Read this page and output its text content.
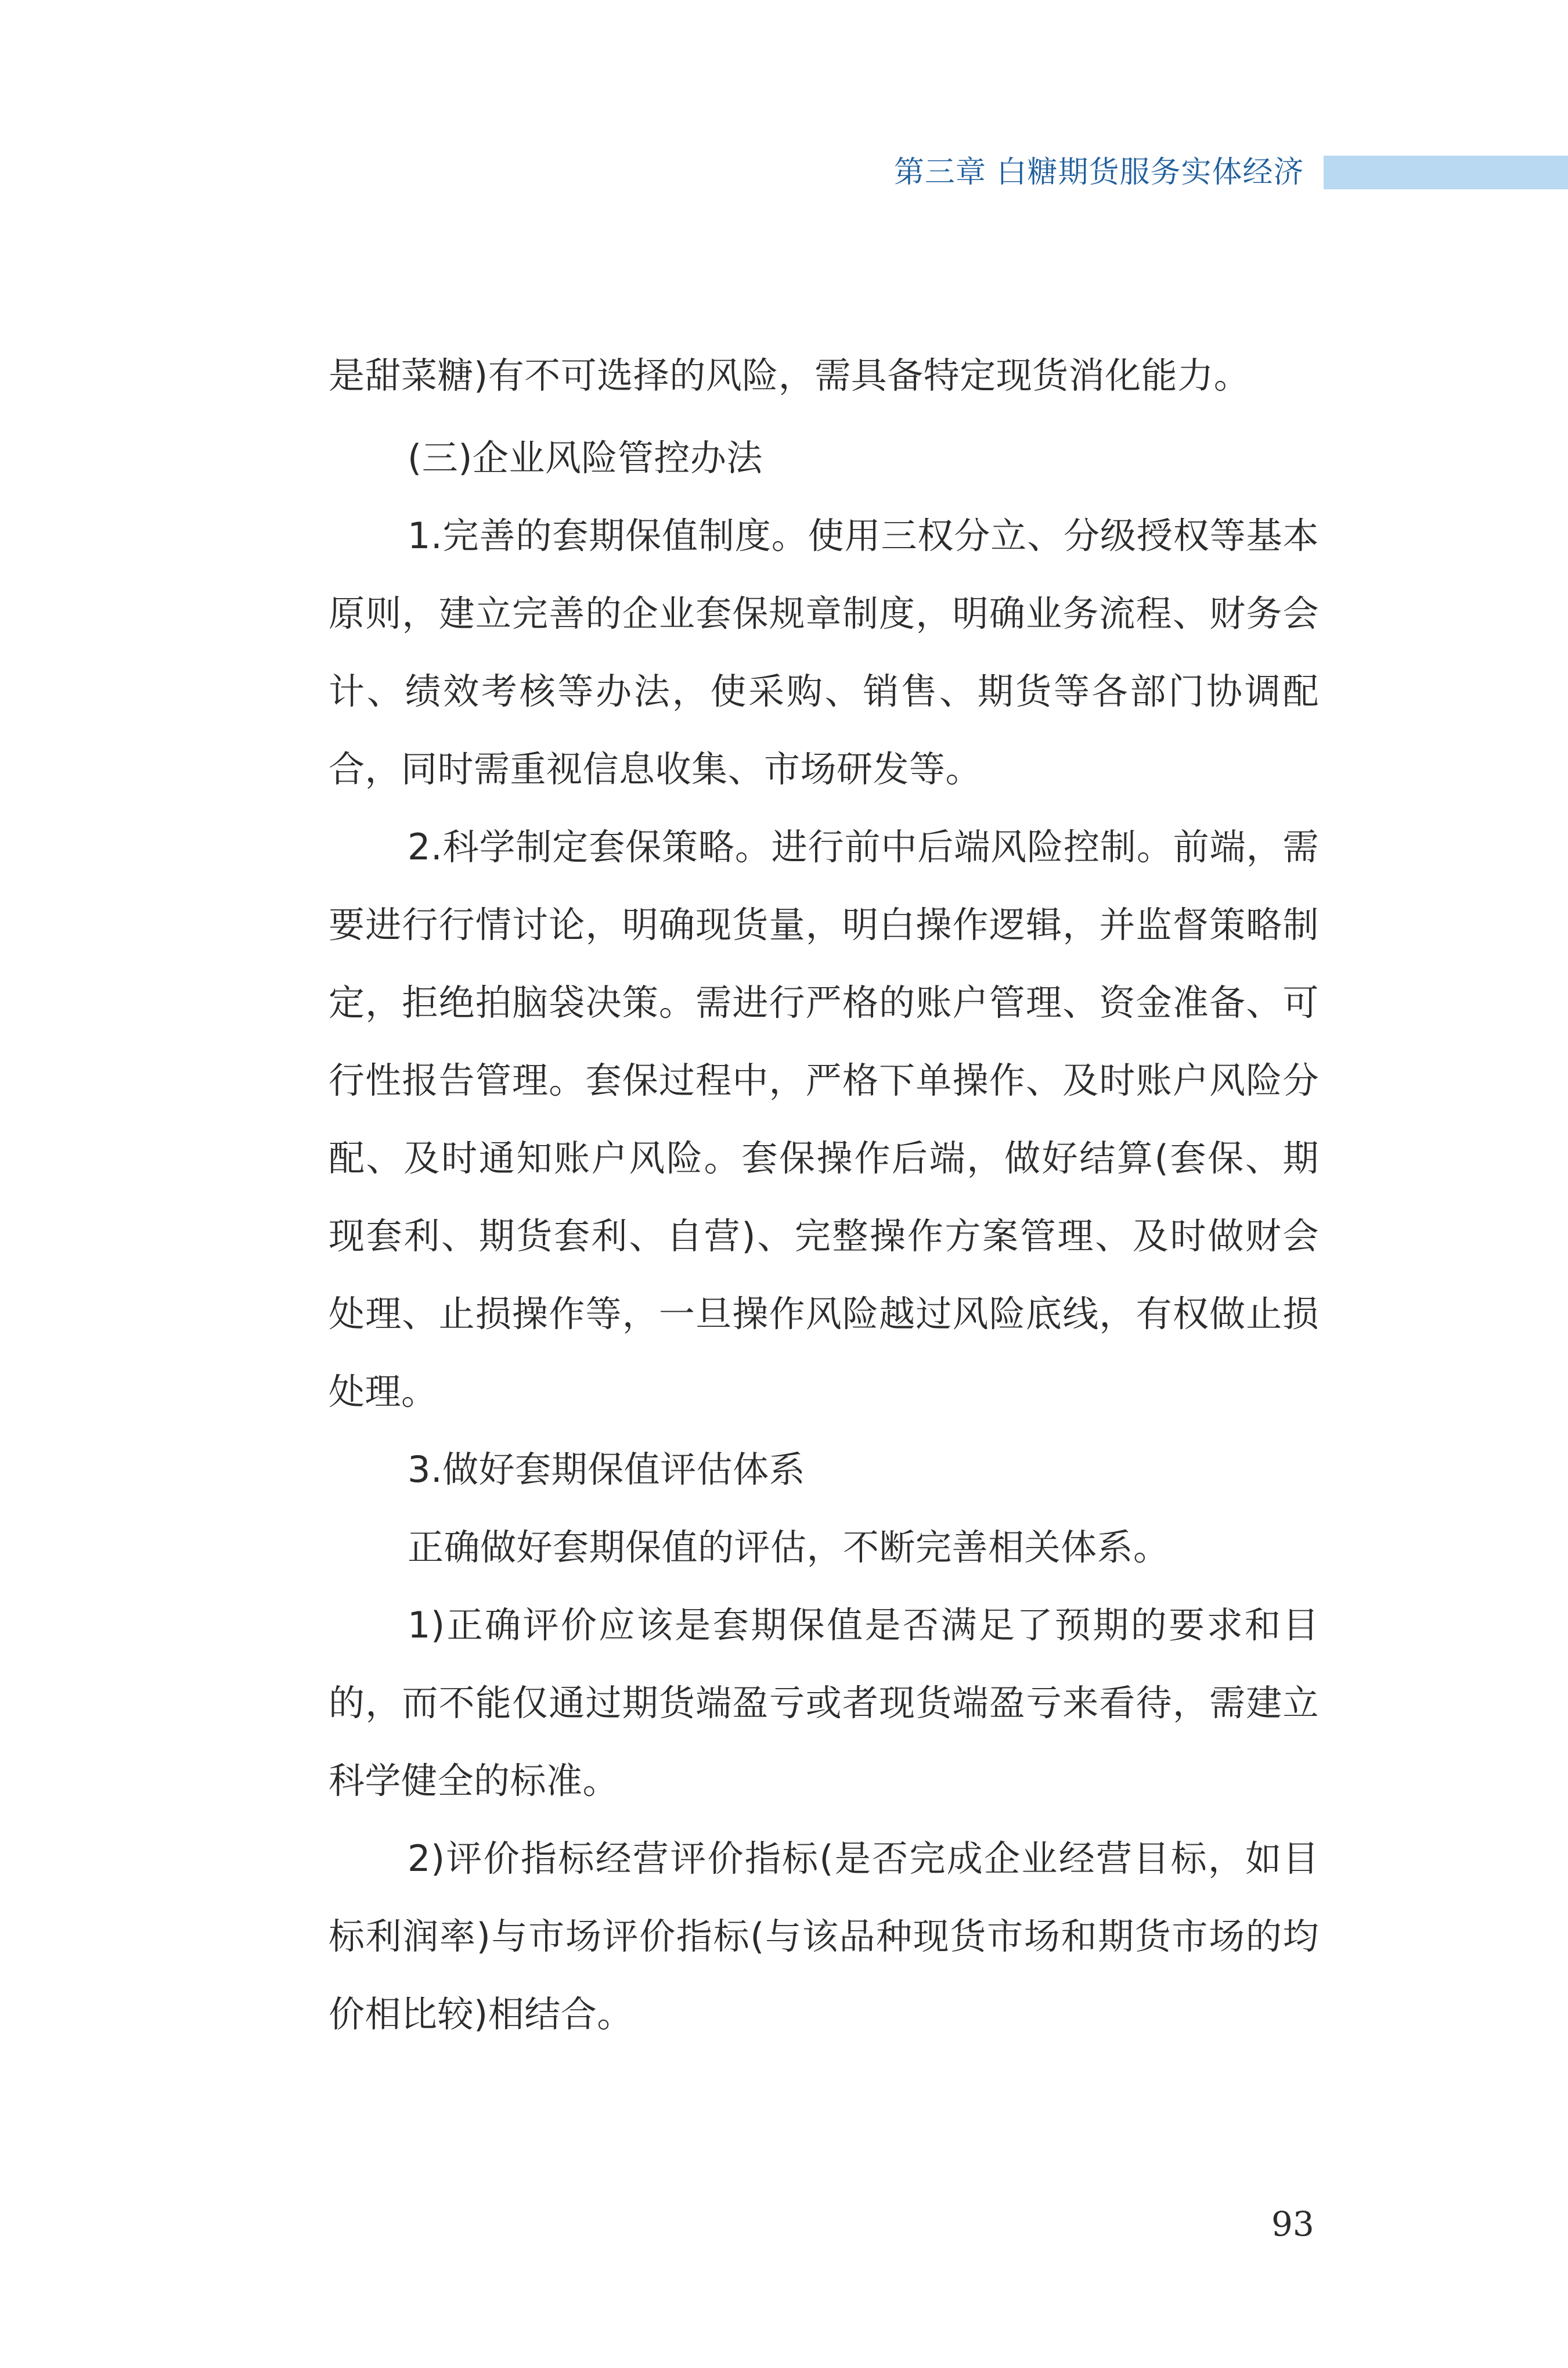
第三章 白糖期货服务实体经济

是甜菜糖)有不可选择的风险，需具备特定现货消化能力。

(三)企业风险管控办法

1.完善的套期保值制度。使用三权分立、分级授权等基本原则，建立完善的企业套保规章制度，明确业务流程、财务会计、绩效考核等办法，使采购、销售、期货等各部门协调配合，同时需重视信息收集、市场研发等。

2.科学制定套保策略。进行前中后端风险控制。前端，需要进行行情讨论，明确现货量，明白操作逻辑，并监督策略制定，拒绝拍脑袋决策。需进行严格的账户管理、资金准备、可行性报告管理。套保过程中，严格下单操作、及时账户风险分配、及时通知账户风险。套保操作后端，做好结算(套保、期现套利、期货套利、自营)、完整操作方案管理、及时做财会处理、止损操作等，一旦操作风险越过风险底线，有权做止损处理。

3.做好套期保值评估体系

正确做好套期保值的评估，不断完善相关体系。

1)正确评价应该是套期保值是否满足了预期的要求和目的，而不能仅通过期货端盈亏或者现货端盈亏来看待，需建立科学健全的标准。

2)评价指标经营评价指标(是否完成企业经营目标，如目标利润率)与市场评价指标(与该品种现货市场和期货市场的均价相比较)相结合。

93
